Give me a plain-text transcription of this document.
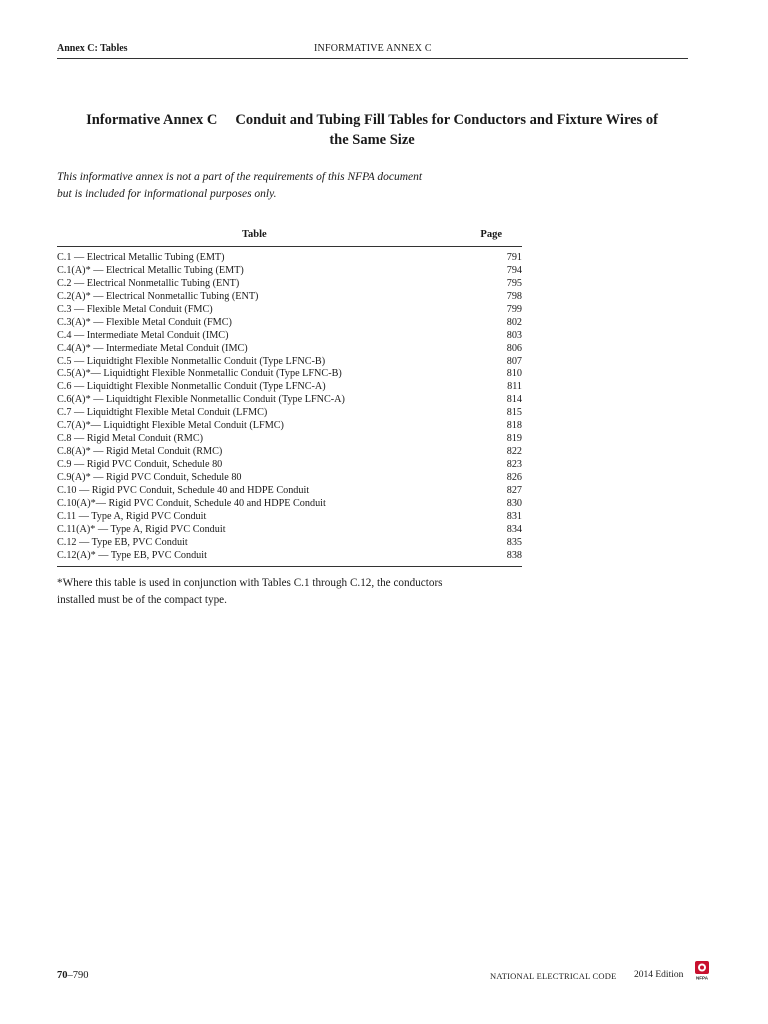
Annex C: Tables	INFORMATIVE ANNEX C
Informative Annex C Conduit and Tubing Fill Tables for Conductors and Fixture Wires of
the Same Size
This informative annex is not a part of the requirements of this NFPA document
but is included for informational purposes only.
Table	Page
C.1 — Electrical Metallic Tubing (EMT)	791
C.1(A)* — Electrical Metallic Tubing (EMT)	794
C.2 — Electrical Nonmetallic Tubing (ENT)	795
C.2(A)* — Electrical Nonmetallic Tubing (ENT)	798
C.3 — Flexible Metal Conduit (FMC)	799
C.3(A)* — Flexible Metal Conduit (FMC)	802
C.4 — Intermediate Metal Conduit (IMC)	803
C.4(A)* — Intermediate Metal Conduit (IMC)	806
C.5 — Liquidtight Flexible Nonmetallic Conduit (Type LFNC-B)	807
C.5(A)*— Liquidtight Flexible Nonmetallic Conduit (Type LFNC-B)	810
C.6 — Liquidtight Flexible Nonmetallic Conduit (Type LFNC-A)	811
C.6(A)* — Liquidtight Flexible Nonmetallic Conduit (Type LFNC-A)	814
C.7 — Liquidtight Flexible Metal Conduit (LFMC)	815
C.7(A)*— Liquidtight Flexible Metal Conduit (LFMC)	818
C.8 — Rigid Metal Conduit (RMC)	819
C.8(A)* — Rigid Metal Conduit (RMC)	822
C.9 — Rigid PVC Conduit, Schedule 80	823
C.9(A)* — Rigid PVC Conduit, Schedule 80	826
C.10 — Rigid PVC Conduit, Schedule 40 and HDPE Conduit	827
C.10(A)*— Rigid PVC Conduit, Schedule 40 and HDPE Conduit	830
C.11 — Type A, Rigid PVC Conduit	831
C.11(A)* — Type A, Rigid PVC Conduit	834
C.12 — Type EB, PVC Conduit	835
C.12(A)* — Type EB, PVC Conduit	838
*Where this table is used in conjunction with Tables C.1 through C.12, the conductors
installed must be of the compact type.
70–790	NATIONAL ELECTRICAL CODE 2014 Edition	NFPA
